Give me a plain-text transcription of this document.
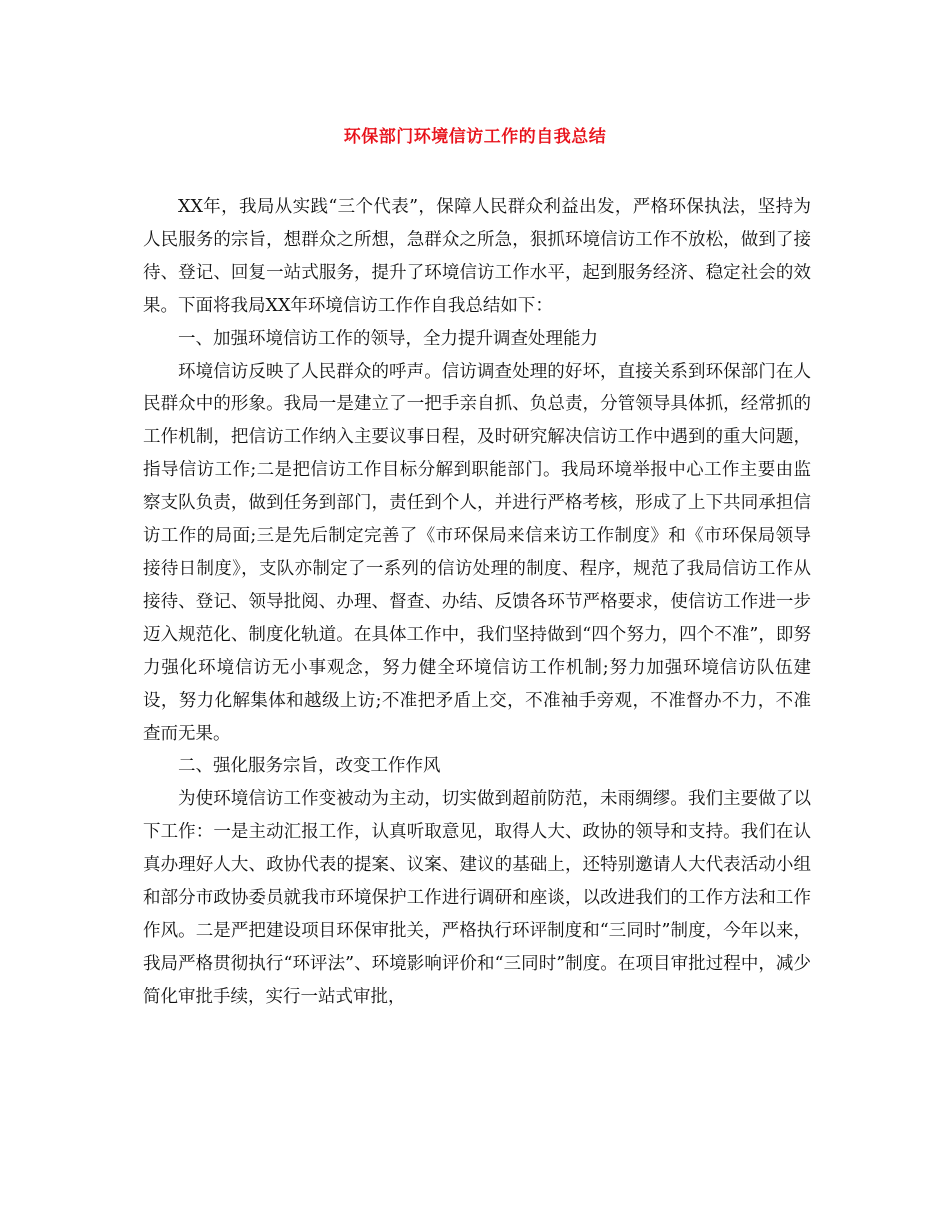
环保部门环境信访工作的自我总结

XX年，我局从实践“三个代表”，保障人民群众利益出发，严格环保执法，坚持为人民服务的宗旨，想群众之所想，急群众之所急，狠抓环境信访工作不放松，做到了接待、登记、回复一站式服务，提升了环境信访工作水平，起到服务经济、稳定社会的效果。下面将我局XX年环境信访工作作自我总结如下：

一、加强环境信访工作的领导，全力提升调查处理能力

环境信访反映了人民群众的呼声。信访调查处理的好坏，直接关系到环保部门在人民群众中的形象。我局一是建立了一把手亲自抓、负总责，分管领导具体抓，经常抓的工作机制，把信访工作纳入主要议事日程，及时研究解决信访工作中遇到的重大问题，指导信访工作;二是把信访工作目标分解到职能部门。我局环境举报中心工作主要由监察支队负责，做到任务到部门，责任到个人，并进行严格考核，形成了上下共同承担信访工作的局面;三是先后制定完善了《市环保局来信来访工作制度》和《市环保局领导接待日制度》，支队亦制定了一系列的信访处理的制度、程序，规范了我局信访工作从接待、登记、领导批阅、办理、督查、办结、反馈各环节严格要求，使信访工作进一步迈入规范化、制度化轨道。在具体工作中，我们坚持做到“四个努力，四个不准”，即努力强化环境信访无小事观念，努力健全环境信访工作机制;努力加强环境信访队伍建设，努力化解集体和越级上访;不准把矛盾上交，不准袖手旁观，不准督办不力，不准查而无果。

二、强化服务宗旨，改变工作作风

为使环境信访工作变被动为主动，切实做到超前防范，未雨绸缪。我们主要做了以下工作：一是主动汇报工作，认真听取意见，取得人大、政协的领导和支持。我们在认真办理好人大、政协代表的提案、议案、建议的基础上，还特别邀请人大代表活动小组和部分市政协委员就我市环境保护工作进行调研和座谈，以改进我们的工作方法和工作作风。二是严把建设项目环保审批关，严格执行环评制度和“三同时”制度，今年以来，我局严格贯彻执行“环评法”、环境影响评价和“三同时”制度。在项目审批过程中，减少简化审批手续，实行一站式审批，
